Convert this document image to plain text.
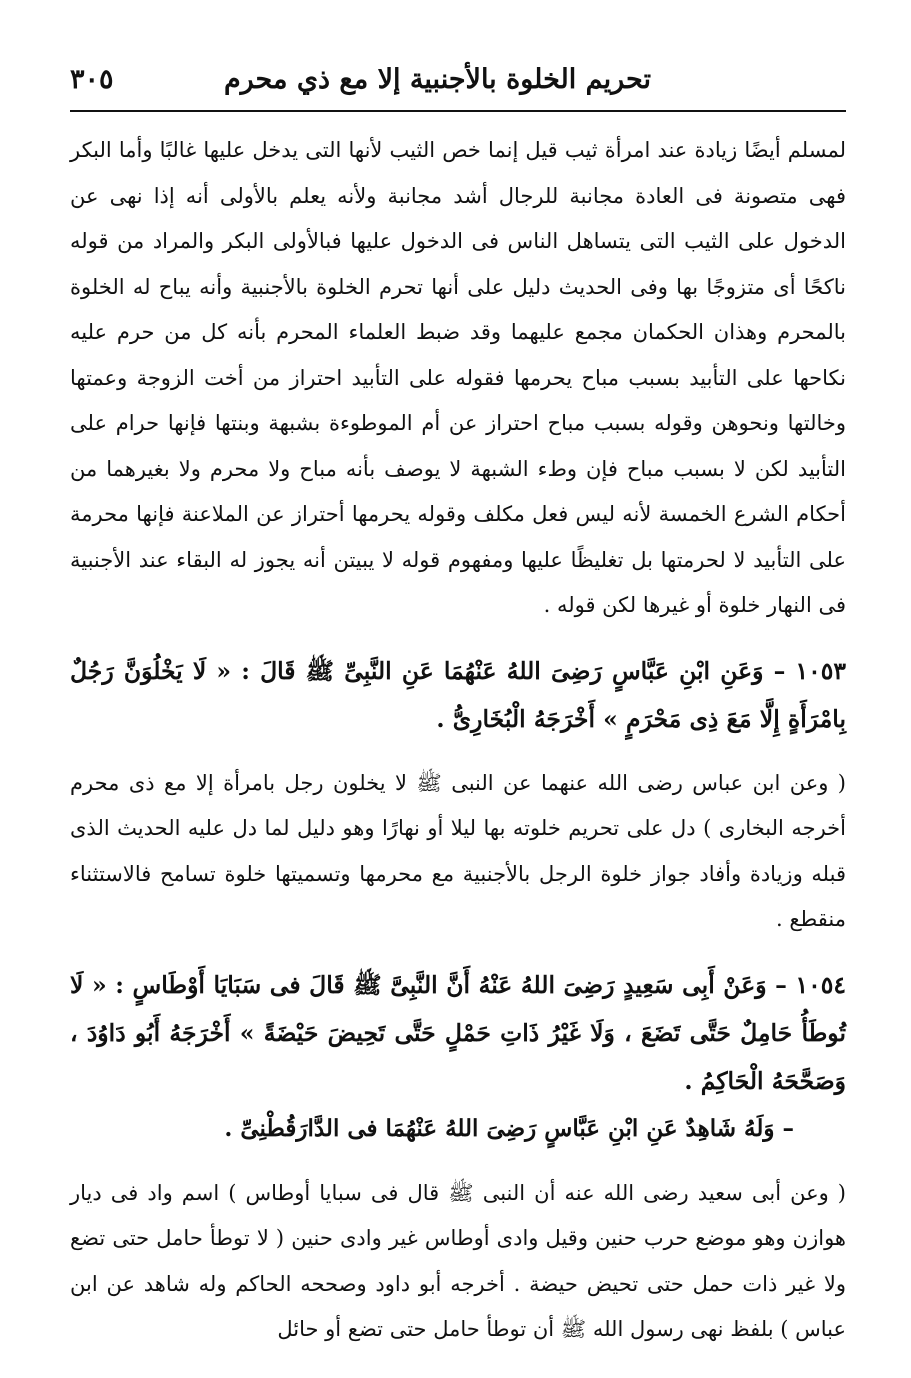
تحريم الخلوة بالأجنبية إلا مع ذي محرم
٣٠٥

لمسلم أيضًا زيادة عند امرأة ثيب قيل إنما خص الثيب لأنها التى يدخل عليها غالبًا وأما البكر فهى متصونة فى العادة مجانبة للرجال أشد مجانبة ولأنه يعلم بالأولى أنه إذا نهى عن الدخول على الثيب التى يتساهل الناس فى الدخول عليها فبالأولى البكر والمراد من قوله ناكحًا أى متزوجًا بها وفى الحديث دليل على أنها تحرم الخلوة بالأجنبية وأنه يباح له الخلوة بالمحرم وهذان الحكمان مجمع عليهما وقد ضبط العلماء المحرم بأنه كل من حرم عليه نكاحها على التأبيد بسبب مباح يحرمها فقوله على التأبيد احتراز من أخت الزوجة وعمتها وخالتها ونحوهن وقوله بسبب مباح احتراز عن أم الموطوءة بشبهة وبنتها فإنها حرام على التأبيد لكن لا بسبب مباح فإن وطء الشبهة لا يوصف بأنه مباح ولا محرم ولا بغيرهما من أحكام الشرع الخمسة لأنه ليس فعل مكلف وقوله يحرمها أحتراز عن الملاعنة فإنها محرمة على التأبيد لا لحرمتها بل تغليظًا عليها ومفهوم قوله لا يبيتن أنه يجوز له البقاء عند الأجنبية فى النهار خلوة أو غيرها لكن قوله .

١٠٥٣ – وَعَنِ ابْنِ عَبَّاسٍ رَضِىَ اللهُ عَنْهُمَا عَنِ النَّبِىِّ ﷺ قَالَ : « لَا يَخْلُوَنَّ رَجُلٌ بِامْرَأَةٍ إِلَّا مَعَ ذِى مَحْرَمٍ » أَخْرَجَهُ الْبُخَارِىُّ .

( وعن ابن عباس رضى الله عنهما عن النبى ﷺ لا يخلون رجل بامرأة إلا مع ذى محرم أخرجه البخارى ) دل على تحريم خلوته بها ليلا أو نهارًا وهو دليل لما دل عليه الحديث الذى قبله وزيادة وأفاد جواز خلوة الرجل بالأجنبية مع محرمها وتسميتها خلوة تسامح فالاستثناء منقطع .

١٠٥٤ – وَعَنْ أَبِى سَعِيدٍ رَضِىَ اللهُ عَنْهُ أَنَّ النَّبِىَّ ﷺ قَالَ فى سَبَايَا أَوْطَاسٍ : « لَا تُوطَأُ حَامِلٌ حَتَّى تَضَعَ ، وَلَا غَيْرُ ذَاتِ حَمْلٍ حَتَّى تَحِيضَ حَيْضَةً » أَخْرَجَهُ أَبُو دَاوُدَ ، وَصَحَّحَهُ الْحَاكِمُ .

– وَلَهُ شَاهِدٌ عَنِ ابْنِ عَبَّاسٍ رَضِىَ اللهُ عَنْهُمَا فى الدَّارَقُطْنِىِّ .

( وعن أبى سعيد رضى الله عنه أن النبى ﷺ قال فى سبايا أوطاس ) اسم واد فى ديار هوازن وهو موضع حرب حنين وقيل وادى أوطاس غير وادى حنين ( لا توطأ حامل حتى تضع ولا غير ذات حمل حتى تحيض حيضة . أخرجه أبو داود وصححه الحاكم وله شاهد عن ابن عباس ) بلفظ نهى رسول الله ﷺ أن توطأ حامل حتى تضع أو حائل
